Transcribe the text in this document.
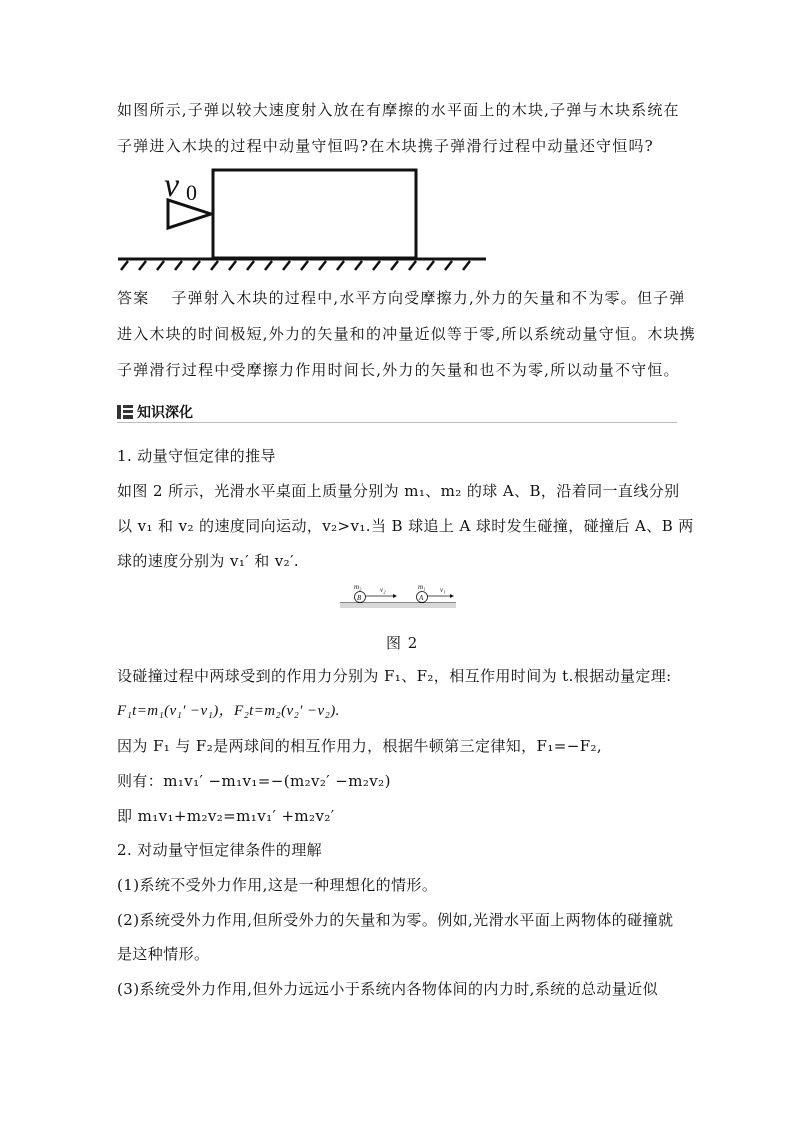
如图所示,子弹以较大速度射入放在有摩擦的水平面上的木块,子弹与木块系统在
子弹进入木块的过程中动量守恒吗?在木块携子弹滑行过程中动量还守恒吗?
v 0
答案 子弹射入木块的过程中,水平方向受摩擦力,外力的矢量和不为零。但子弹
进入木块的时间极短,外力的矢量和的冲量近似等于零,所以系统动量守恒。木块携
子弹滑行过程中受摩擦力作用时间长,外力的矢量和也不为零,所以动量不守恒。
知识深化
1. 动量守恒定律的推导
如图 2 所示，光滑水平桌面上质量分别为 m₁、m₂ 的球 A、B，沿着同一直线分别
以 v₁ 和 v₂ 的速度同向运动，v₂>v₁.当 B 球追上 A 球时发生碰撞，碰撞后 A、B 两
球的速度分别为 v₁′ 和 v₂′.
m₂	v₂
B
m₁ v₁
A
图 2
设碰撞过程中两球受到的作用力分别为 F₁、F₂，相互作用时间为 t.根据动量定理:
F₁t=m₁(v₁′ −v₁)，F₂t=m₂(v₂′ −v₂).
因为 F₁ 与 F₂是两球间的相互作用力，根据牛顿第三定律知，F₁=−F₂,
则有：m₁v₁′ −m₁v₁=−(m₂v₂′ −m₂v₂)
即 m₁v₁+m₂v₂=m₁v₁′ +m₂v₂′
2. 对动量守恒定律条件的理解
(1)系统不受外力作用,这是一种理想化的情形。
(2)系统受外力作用,但所受外力的矢量和为零。例如,光滑水平面上两物体的碰撞就
是这种情形。
(3)系统受外力作用,但外力远远小于系统内各物体间的内力时,系统的总动量近似
